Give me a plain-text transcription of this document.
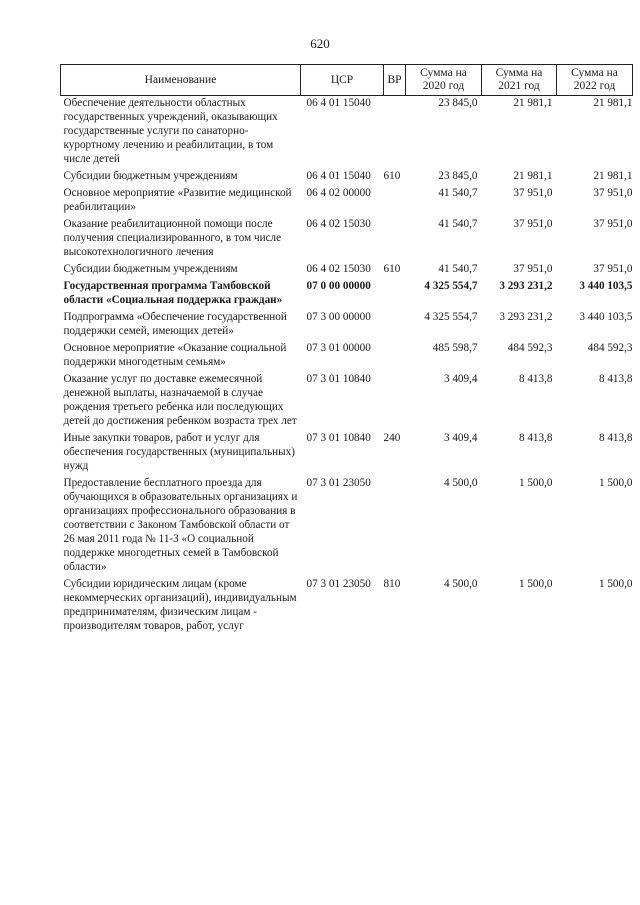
620
Наименование	ЦСР	ВР	Сумма на 2020 год	Сумма на 2021 год	Сумма на 2022 год
Обеспечение деятельности областных государственных учреждений, оказывающих государственные услуги по санаторно-курортному лечению и реабилитации, в том числе детей	06 4 01 15040		23 845,0	21 981,1	21 981,1
Субсидии бюджетным учреждениям	06 4 01 15040	610	23 845,0	21 981,1	21 981,1
Основное мероприятие «Развитие медицинской реабилитации»	06 4 02 00000		41 540,7	37 951,0	37 951,0
Оказание реабилитационной помощи после получения специализированного, в том числе высокотехнологичного лечения	06 4 02 15030		41 540,7	37 951,0	37 951,0
Субсидии бюджетным учреждениям	06 4 02 15030	610	41 540,7	37 951,0	37 951,0
Государственная программа Тамбовской области «Социальная поддержка граждан»	07 0 00 00000		4 325 554,7	3 293 231,2	3 440 103,5
Подпрограмма «Обеспечение государственной поддержки семей, имеющих детей»	07 3 00 00000		4 325 554,7	3 293 231,2	3 440 103,5
Основное мероприятие «Оказание социальной поддержки многодетным семьям»	07 3 01 00000		485 598,7	484 592,3	484 592,3
Оказание услуг по доставке ежемесячной денежной выплаты, назначаемой в случае рождения третьего ребенка или последующих детей до достижения ребенком возраста трех лет	07 3 01 10840		3 409,4	8 413,8	8 413,8
Иные закупки товаров, работ и услуг для обеспечения государственных (муниципальных) нужд	07 3 01 10840	240	3 409,4	8 413,8	8 413,8
Предоставление бесплатного проезда для обучающихся в образовательных организациях и организациях профессионального образования в соответствии с Законом Тамбовской области от 26 мая 2011 года № 11-З «О социальной поддержке многодетных семей в Тамбовской области»	07 3 01 23050		4 500,0	1 500,0	1 500,0
Субсидии юридическим лицам (кроме некоммерческих организаций), индивидуальным предпринимателям, физическим лицам - производителям товаров, работ, услуг	07 3 01 23050	810	4 500,0	1 500,0	1 500,0
